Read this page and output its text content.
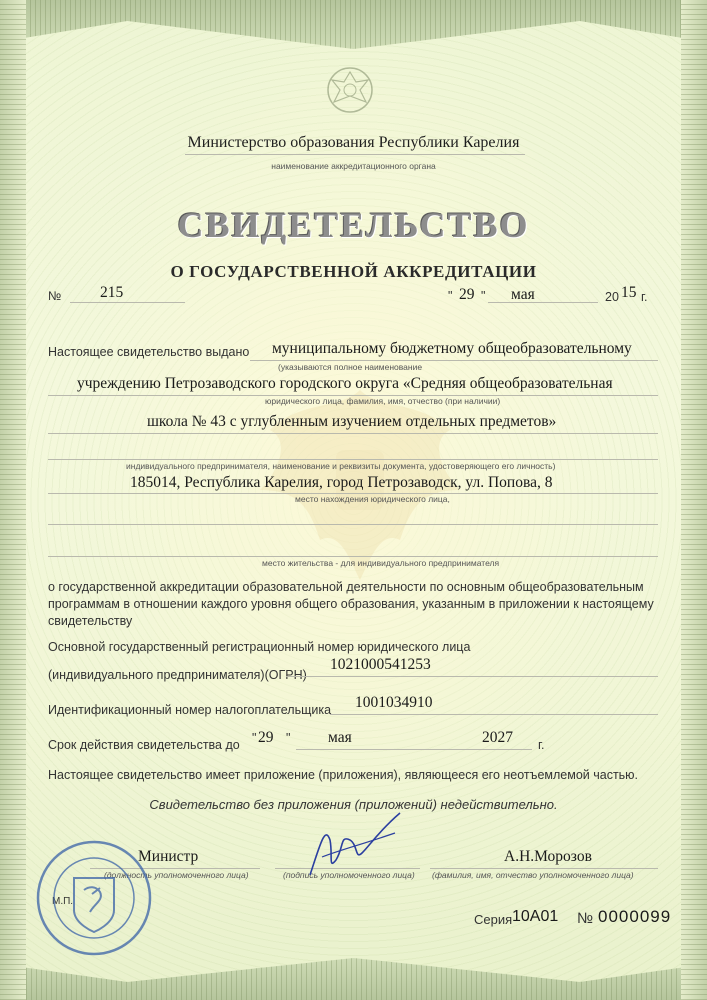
Министерство образования Республики Карелия
наименование аккредитационного органа
СВИДЕТЕЛЬСТВО
О ГОСУДАРСТВЕННОЙ АККРЕДИТАЦИИ
№ 215	" 29 " мая	20 15 г.
Настоящее свидетельство выдано муниципальному бюджетному общеобразовательному
(указываются полное наименование
учреждению Петрозаводского городского округа «Средняя общеобразовательная
юридического лица, фамилия, имя, отчество (при наличии)
школа № 43 с углубленным изучением отдельных предметов»
индивидуального предпринимателя, наименование и реквизиты документа, удостоверяющего его личность)
185014, Республика Карелия, город Петрозаводск, ул. Попова, 8
место нахождения юридического лица,
место жительства - для индивидуального предпринимателя
о государственной аккредитации образовательной деятельности по основным общеобразовательным
программам в отношении каждого уровня общего образования, указанным в приложении к настоящему
свидетельству
Основной государственный регистрационный номер юридического лица
(индивидуального предпринимателя)(ОГРН)
1021000541253
Идентификационный номер налогоплательщика 1001034910
Срок действия свидетельства до " 29 " мая	2027 г.
Настоящее свидетельство имеет приложение (приложения), являющееся его неотъемлемой частью.
Свидетельство без приложения (приложений) недействительно.
Министр
(должность уполномоченного лица)	(подпись уполномоченного лица)
А.Н.Морозов
(фамилия, имя, отчество уполномоченного лица)
М.П.
Серия 10А01 № 0000099
